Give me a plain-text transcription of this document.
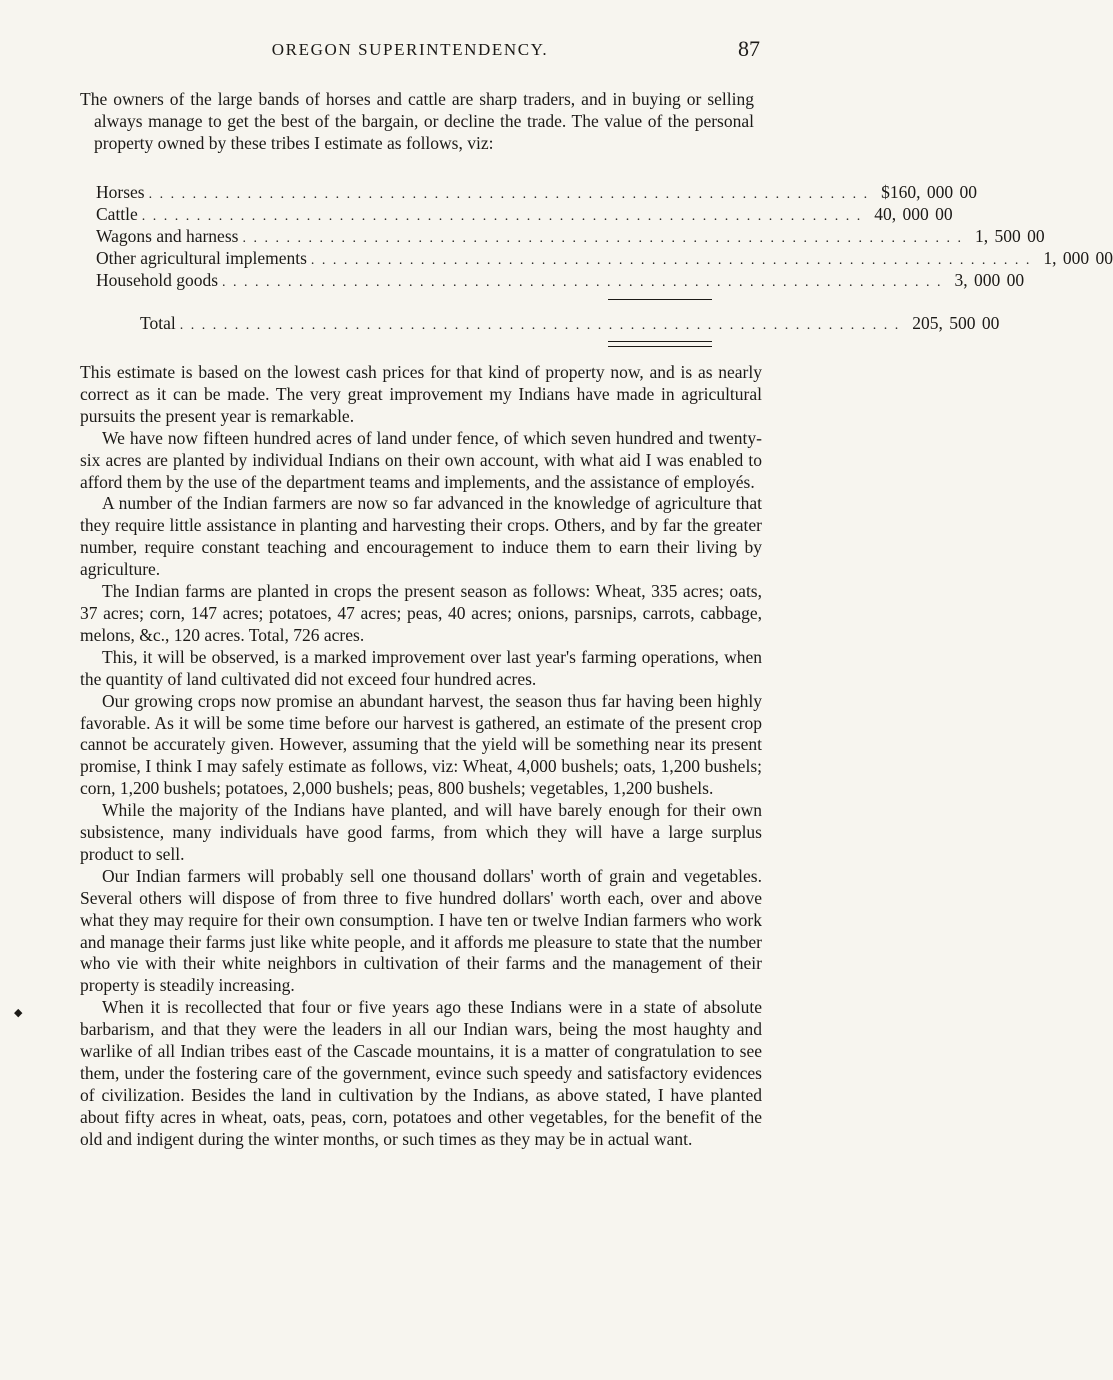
OREGON SUPERINTENDENCY.	87
The owners of the large bands of horses and cattle are sharp traders, and in buying or selling always manage to get the best of the bargain, or decline the trade. The value of the personal property owned by these tribes I estimate as follows, viz:
Horses . . . . . . . . . . . . . . . . . . . . . . . . . . . . . . . . . . . . . . . . . . . . . . . . . . . . . . . . . . . . . . . . . . $160, 000 00
Cattle . . . . . . . . . . . . . . . . . . . . . . . . . . . . . . . . . . . . . . . . . . . . . . . . . . . . . . . . . . . . . . . . . . 40, 000 00
Wagons and harness . . . . . . . . . . . . . . . . . . . . . . . . . . . . . . . . . . . . . . . . . . . . . . . . . . . . . . . . . . . . . . . . . . 1, 500 00
Other agricultural implements . . . . . . . . . . . . . . . . . . . . . . . . . . . . . . . . . . . . . . . . . . . . . . . . . . . . . . . . . . . . . . . . . . 1, 000 00
Household goods . . . . . . . . . . . . . . . . . . . . . . . . . . . . . . . . . . . . . . . . . . . . . . . . . . . . . . . . . . . . . . . . . . 3, 000 00
Total . . . . . . . . . . . . . . . . . . . . . . . . . . . . . . . . . . . . . . . . . . . . . . . . . . . . . . . . . . . . . . . . . . 205, 500 00

This estimate is based on the lowest cash prices for that kind of property now, and is as nearly correct as it can be made. The very great improvement my Indians have made in agricultural pursuits the present year is remarkable.

We have now fifteen hundred acres of land under fence, of which seven hundred and twenty-six acres are planted by individual Indians on their own account, with what aid I was enabled to afford them by the use of the department teams and implements, and the assistance of employés.

A number of the Indian farmers are now so far advanced in the knowledge of agriculture that they require little assistance in planting and harvesting their crops. Others, and by far the greater number, require constant teaching and encouragement to induce them to earn their living by agriculture.

The Indian farms are planted in crops the present season as follows: Wheat, 335 acres; oats, 37 acres; corn, 147 acres; potatoes, 47 acres; peas, 40 acres; onions, parsnips, carrots, cabbage, melons, &c., 120 acres. Total, 726 acres.

This, it will be observed, is a marked improvement over last year's farming operations, when the quantity of land cultivated did not exceed four hundred acres.

Our growing crops now promise an abundant harvest, the season thus far having been highly favorable. As it will be some time before our harvest is gathered, an estimate of the present crop cannot be accurately given. However, assuming that the yield will be something near its present promise, I think I may safely estimate as follows, viz: Wheat, 4,000 bushels; oats, 1,200 bushels; corn, 1,200 bushels; potatoes, 2,000 bushels; peas, 800 bushels; vegetables, 1,200 bushels.

While the majority of the Indians have planted, and will have barely enough for their own subsistence, many individuals have good farms, from which they will have a large surplus product to sell.

Our Indian farmers will probably sell one thousand dollars' worth of grain and vegetables. Several others will dispose of from three to five hundred dollars' worth each, over and above what they may require for their own consumption. I have ten or twelve Indian farmers who work and manage their farms just like white people, and it affords me pleasure to state that the number who vie with their white neighbors in cultivation of their farms and the management of their property is steadily increasing.

When it is recollected that four or five years ago these Indians were in a state of absolute barbarism, and that they were the leaders in all our Indian wars, being the most haughty and warlike of all Indian tribes east of the Cascade mountains, it is a matter of congratulation to see them, under the fostering care of the government, evince such speedy and satisfactory evidences of civilization. Besides the land in cultivation by the Indians, as above stated, I have planted about fifty acres in wheat, oats, peas, corn, potatoes and other vegetables, for the benefit of the old and indigent during the winter months, or such times as they may be in actual want.

◆
